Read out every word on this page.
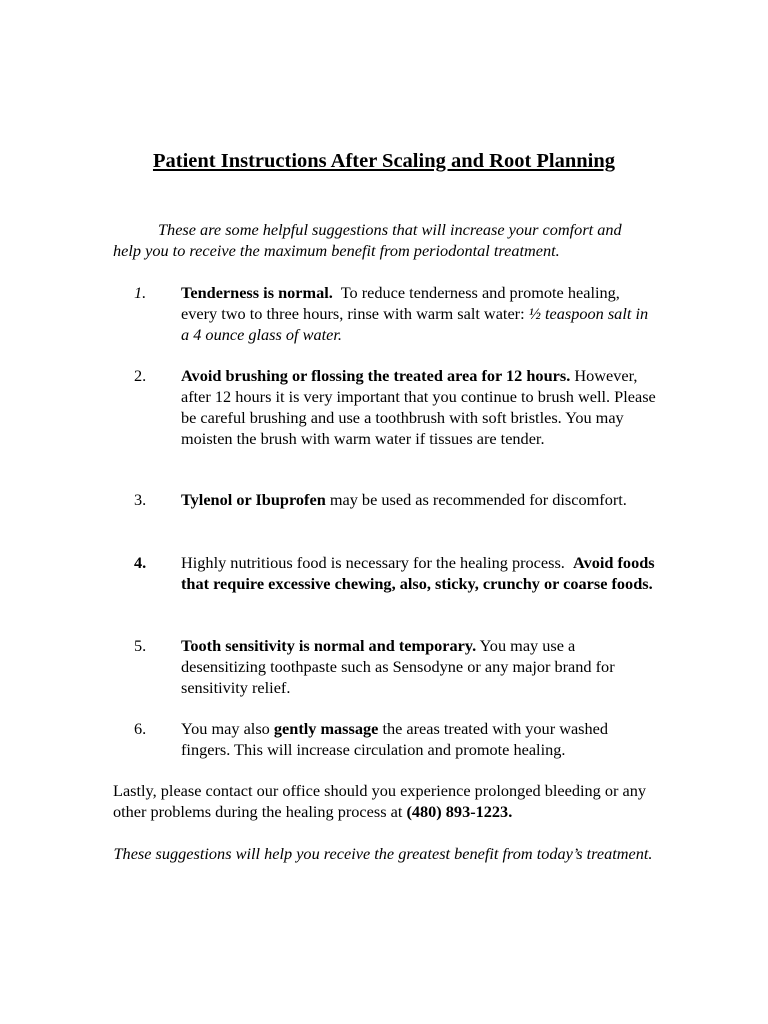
Patient Instructions After Scaling and Root Planning

These are some helpful suggestions that will increase your comfort and help you to receive the maximum benefit from periodontal treatment.

1.	Tenderness is normal. To reduce tenderness and promote healing, every two to three hours, rinse with warm salt water: ½ teaspoon salt in a 4 ounce glass of water.
2.	Avoid brushing or flossing the treated area for 12 hours. However, after 12 hours it is very important that you continue to brush well. Please be careful brushing and use a toothbrush with soft bristles. You may moisten the brush with warm water if tissues are tender.
3.	Tylenol or Ibuprofen may be used as recommended for discomfort.
4.	Highly nutritious food is necessary for the healing process. Avoid foods that require excessive chewing, also, sticky, crunchy or coarse foods.
5.	Tooth sensitivity is normal and temporary. You may use a desensitizing toothpaste such as Sensodyne or any major brand for sensitivity relief.
6.	You may also gently massage the areas treated with your washed fingers. This will increase circulation and promote healing.

Lastly, please contact our office should you experience prolonged bleeding or any other problems during the healing process at (480) 893-1223.

These suggestions will help you receive the greatest benefit from today’s treatment.
